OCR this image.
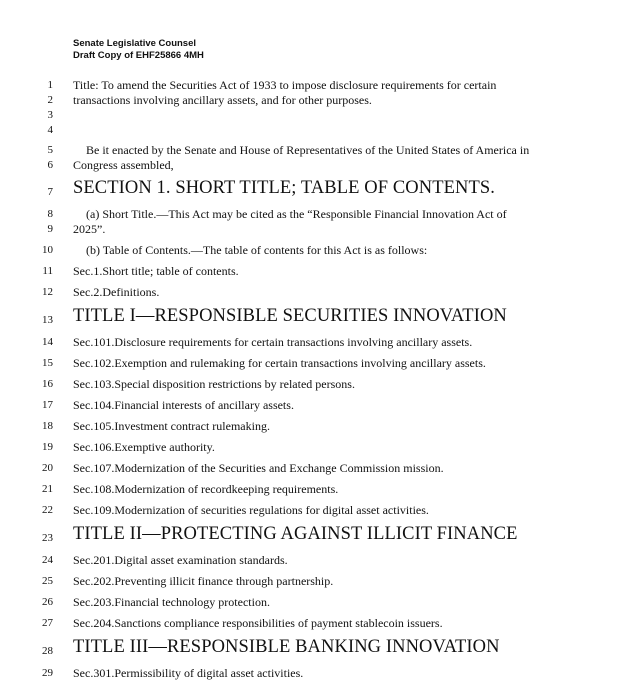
Senate Legislative Counsel
Draft Copy of EHF25866 4MH
1 Title: To amend the Securities Act of 1933 to impose disclosure requirements for certain
2 transactions involving ancillary assets, and for other purposes.
3
4
5	Be it enacted by the Senate and House of Representatives of the United States of America in
6 Congress assembled,
7 SECTION 1. SHORT TITLE; TABLE OF CONTENTS.
8	(a) Short Title.—This Act may be cited as the “Responsible Financial Innovation Act of
9 2025”.
10	(b) Table of Contents.—The table of contents for this Act is as follows:
11 Sec.1.Short title; table of contents.
12 Sec.2.Definitions.
13 TITLE I—RESPONSIBLE SECURITIES INNOVATION
14 Sec.101.Disclosure requirements for certain transactions involving ancillary assets.
15 Sec.102.Exemption and rulemaking for certain transactions involving ancillary assets.
16 Sec.103.Special disposition restrictions by related persons.
17 Sec.104.Financial interests of ancillary assets.
18 Sec.105.Investment contract rulemaking.
19 Sec.106.Exemptive authority.
20 Sec.107.Modernization of the Securities and Exchange Commission mission.
21 Sec.108.Modernization of recordkeeping requirements.
22 Sec.109.Modernization of securities regulations for digital asset activities.
23 TITLE II—PROTECTING AGAINST ILLICIT FINANCE
24 Sec.201.Digital asset examination standards.
25 Sec.202.Preventing illicit finance through partnership.
26 Sec.203.Financial technology protection.
27 Sec.204.Sanctions compliance responsibilities of payment stablecoin issuers.
28 TITLE III—RESPONSIBLE BANKING INNOVATION
29 Sec.301.Permissibility of digital asset activities.
